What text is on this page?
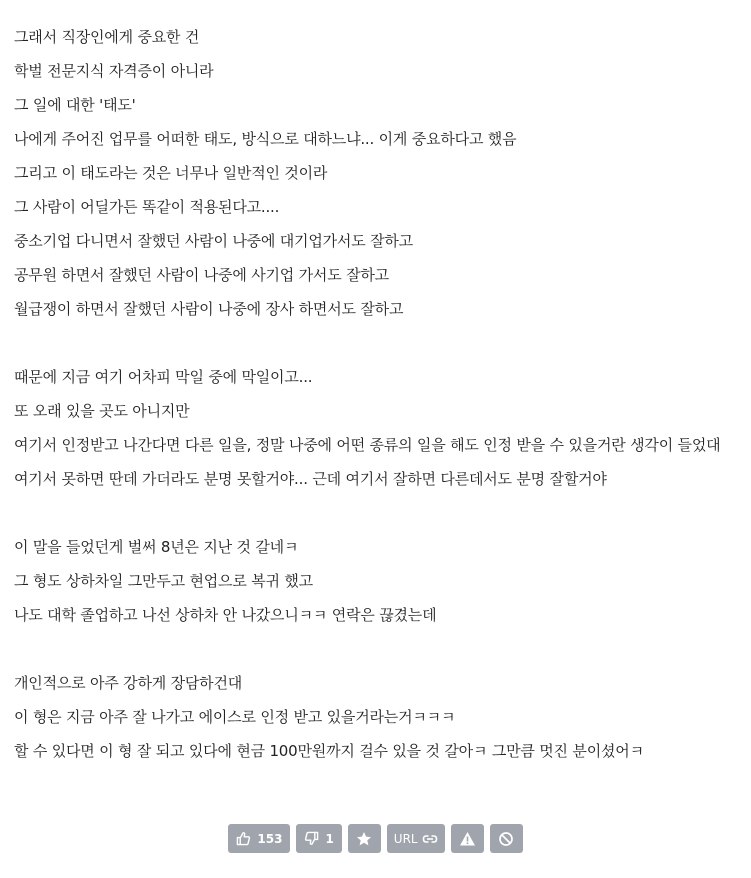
그래서 직장인에게 중요한 건
학벌 전문지식 자격증이 아니라
그 일에 대한 '태도'
나에게 주어진 업무를 어떠한 태도, 방식으로 대하느냐... 이게 중요하다고 했음
그리고 이 태도라는 것은 너무나 일반적인 것이라
그 사람이 어딜가든 똑같이 적용된다고....
중소기업 다니면서 잘했던 사람이 나중에 대기업가서도 잘하고
공무원 하면서 잘했던 사람이 나중에 사기업 가서도 잘하고
월급쟁이 하면서 잘했던 사람이 나중에 장사 하면서도 잘하고
때문에 지금 여기 어차피 막일 중에 막일이고...
또 오래 있을 곳도 아니지만
여기서 인정받고 나간다면 다른 일을, 정말 나중에 어떤 종류의 일을 해도 인정 받을 수 있을거란 생각이 들었대
여기서 못하면 딴데 가더라도 분명 못할거야... 근데 여기서 잘하면 다른데서도 분명 잘할거야
이 말을 들었던게 벌써 8년은 지난 것 갈네ㅋ
그 형도 상하차일 그만두고 현업으로 복귀 했고
나도 대학 졸업하고 나선 상하차 안 나갔으니ㅋㅋ 연락은 끊겼는데
개인적으로 아주 강하게 장담하건대
이 형은 지금 아주 잘 나가고 에이스로 인정 받고 있을거라는거ㅋㅋㅋ
할 수 있다면 이 형 잘 되고 있다에 현금 100만원까지 걸수 있을 것 갈아ㅋ 그만큼 멋진 분이셨어ㅋ
153	1	URL
